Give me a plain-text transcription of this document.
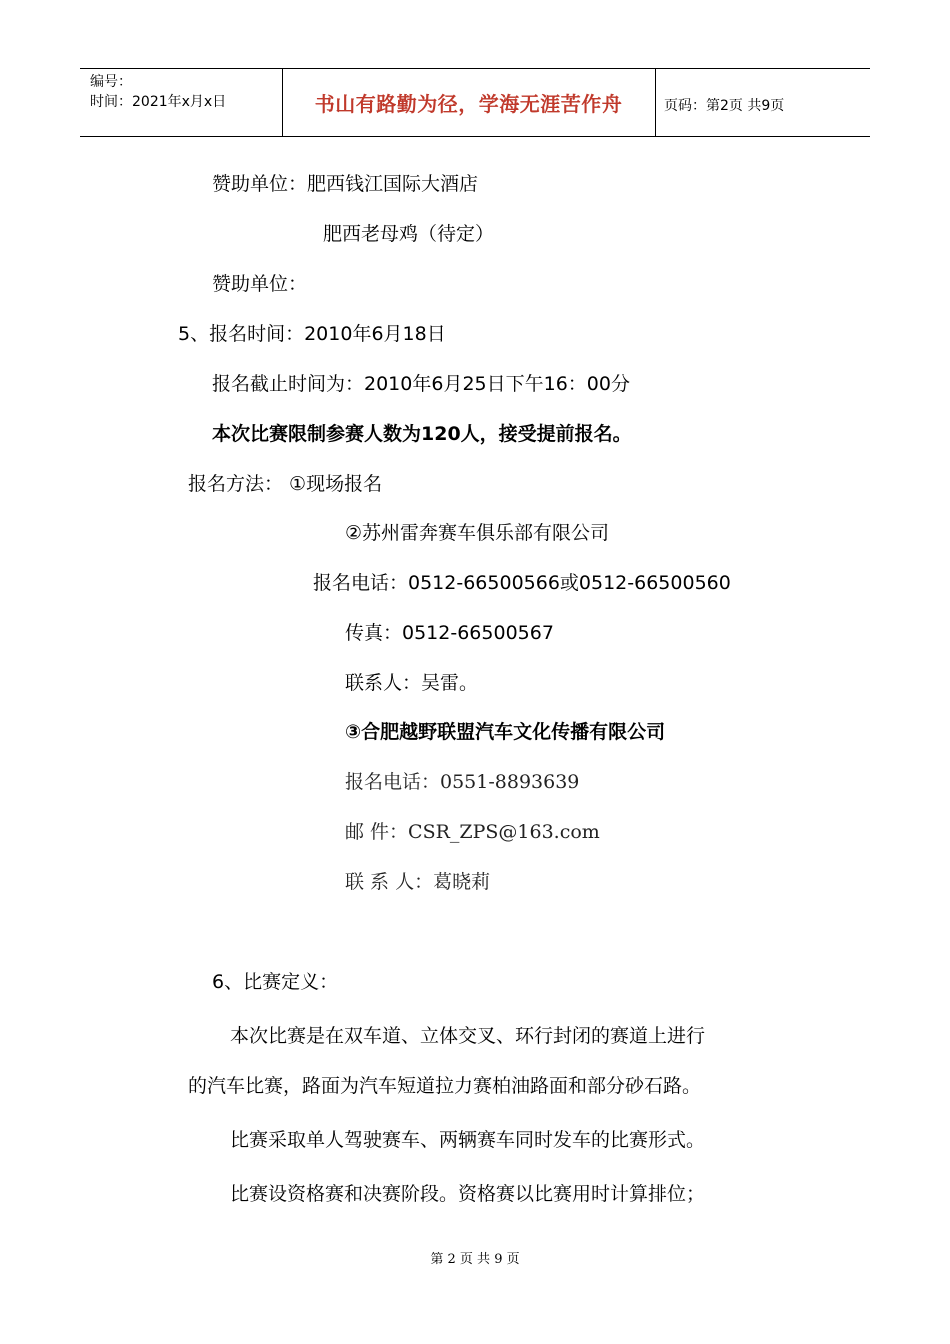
编号：
时间：2021年x月x日	书山有路勤为径，学海无涯苦作舟	页码：第2页 共9页
赞助单位：肥西钱江国际大酒店
肥西老母鸡（待定）
赞助单位：
5、报名时间：2010年6月18日
报名截止时间为：2010年6月25日下午16：00分
本次比赛限制参赛人数为120人，接受提前报名。
报名方法： ①现场报名
②苏州雷奔赛车俱乐部有限公司
报名电话：0512-66500566或0512-66500560
传真：0512-66500567
联系人：吴雷。
③合肥越野联盟汽车文化传播有限公司
报名电话：0551-8893639
邮 件：CSR_ZPS@163.com
联 系 人：葛晓莉
6、比赛定义：
本次比赛是在双车道、立体交叉、环行封闭的赛道上进行
的汽车比赛，路面为汽车短道拉力赛柏油路面和部分砂石路。
比赛采取单人驾驶赛车、两辆赛车同时发车的比赛形式。
比赛设资格赛和决赛阶段。资格赛以比赛用时计算排位；
第 2 页 共 9 页
